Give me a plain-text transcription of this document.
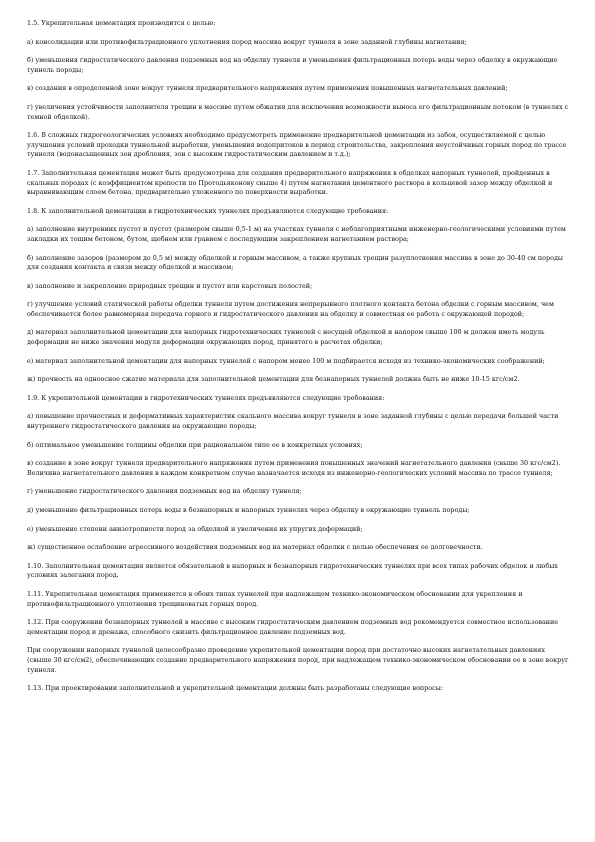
1.5. Укрепительная цементация производится с целью:

а) консолидации или противофильтрационного уплотнения пород массива вокруг туннеля в зоне заданной глубины нагнетания;

б) уменьшения гидростатического давления подземных вод на обделку туннеля и уменьшения фильтрационных потерь воды через обделку в окружающие туннель породы;

в) создания в определенной зоне вокруг туннеля предварительного напряжения путем применения повышенных нагнетательных давлений;

г) увеличения устойчивости заполнителя трещин в массиве путем обжатия для исключения возможности выноса его фильтрационным потоком (в туннелях с темной обделкой).

1.6. В сложных гидрогеологических условиях необходимо предусмотреть применение предварительной цементации из забоя, осуществляемой с целью улучшения условий проходки туннельной выработки, уменьшения водопритоков в период строительства, закрепления неустойчивых горных пород по трассе туннеля (водонасыщенных зон дробления, зон с высоким гидростатическим давлением и т.д.);

1.7. Заполнительная цементация может быть предусмотрена для создания предварительного напряжения в обделках напорных туннелей, пройденных в скальных породах (с коэффициентом крепости по Протодьяконову свыше 4) путем нагнетания цементного раствора в кольцевой зазор между обделкой и выравнивающим слоем бетона, предварительно уложенного по поверхности выработки.

1.8. К заполнительной цементации в гидротехнических туннелях предъявляются следующие требования:

а) заполнение внутренних пустот и пустот (размером свыше 0,5-1 м) на участках туннеля с неблагоприятными инженерно-геологическими условиями путем закладки их тощим бетоном, бутом, щебнем или гравием с последующим закреплением нагнетанием раствора;

б) заполнение зазоров (размером до 0,5 м) между обделкой и горным массивом, а также крупных трещин разуплотнения массива в зоне до 30-40 см породы для создания контакта и связи между обделкой и массивом;

в) заполнение и закрепление природных трещин и пустот или карстовых полостей;

г) улучшение условий статической работы обделки туннеля путем достижения непрерывного плотного контакта бетона обделки с горным массивом, чем обеспечивается более равномерная передача горного и гидростатического давления на обделку и совместная ее работа с окружающей породой;

д) материал заполнительной цементации для напорных гидротехнических туннелей с несущей обделкой и напором свыше 100 м должен иметь модуль деформации не ниже значения модуля деформации окружающих пород, принятого в расчетах обделки;

е) материал заполнительной цементации для напорных туннелей с напором менее 100 м подбирается исходя из технико-экономических соображений;

ж) прочность на одноосное сжатие материала для заполнительной цементации для безнапорных туннелей должна быть не ниже 10-15 кгс/см2.

1.9. К укрепительной цементации в гидротехнических туннелях предъявляются следующие требования:

а) повышение прочностных и деформативных характеристик скального массива вокруг туннеля в зоне заданной глубины с целью передачи большей части внутреннего гидростатического давления на окружающие породы;

б) оптимальное уменьшение толщины обделки при рациональном типе ее в конкретных условиях;

в) создание в зоне вокруг туннеля предварительного напряжения путем применения повышенных значений нагнетательного давления (свыше 30 кгс/см2). Величина нагнетательного давления в каждом конкретном случае назначается исходя из инженерно-геологических условий массива по трассе туннеля;

г) уменьшение гидростатического давления подземных вод на обделку туннеля;

д) уменьшение фильтрационных потерь воды в безнапорных и напорных туннелях через обделку в окружающие туннель породы;

е) уменьшение степени анизотропности пород за обделкой и увеличения их упругих деформаций;

ж) существенное ослабление агрессивного воздействия подземных вод на материал обделки с целью обеспечения ее долговечности.

1.10. Заполнительная цементация является обязательной в напорных и безнапорных гидротехнических туннелях при всех типах рабочих обделок и любых условиях залегания пород.

1.11. Укрепительная цементация применяется в обоих типах туннелей при надлежащем технико-экономическом обосновании для укрепления и противофильтрационного уплотнения трещиноватых горных пород.

1.12. При сооружении безнапорных туннелей в массиве с высоким гидростатическим давлением подземных вод рекомендуется совместное использование цементации пород и дренажа, способного снизить фильтрационное давление подземных вод.

При сооружении напорных туннелей целесообразно проведение укрепительной цементации пород при достаточно высоких нагнетательных давлениях (свыше 30 кгс/см2), обеспечивающих создание предварительного напряжения пород, при надлежащем технико-экономическом обосновании ее в зоне вокруг туннеля.

1.13. При проектировании заполнительной и укрепительной цементации должны быть разработаны следующие вопросы:
